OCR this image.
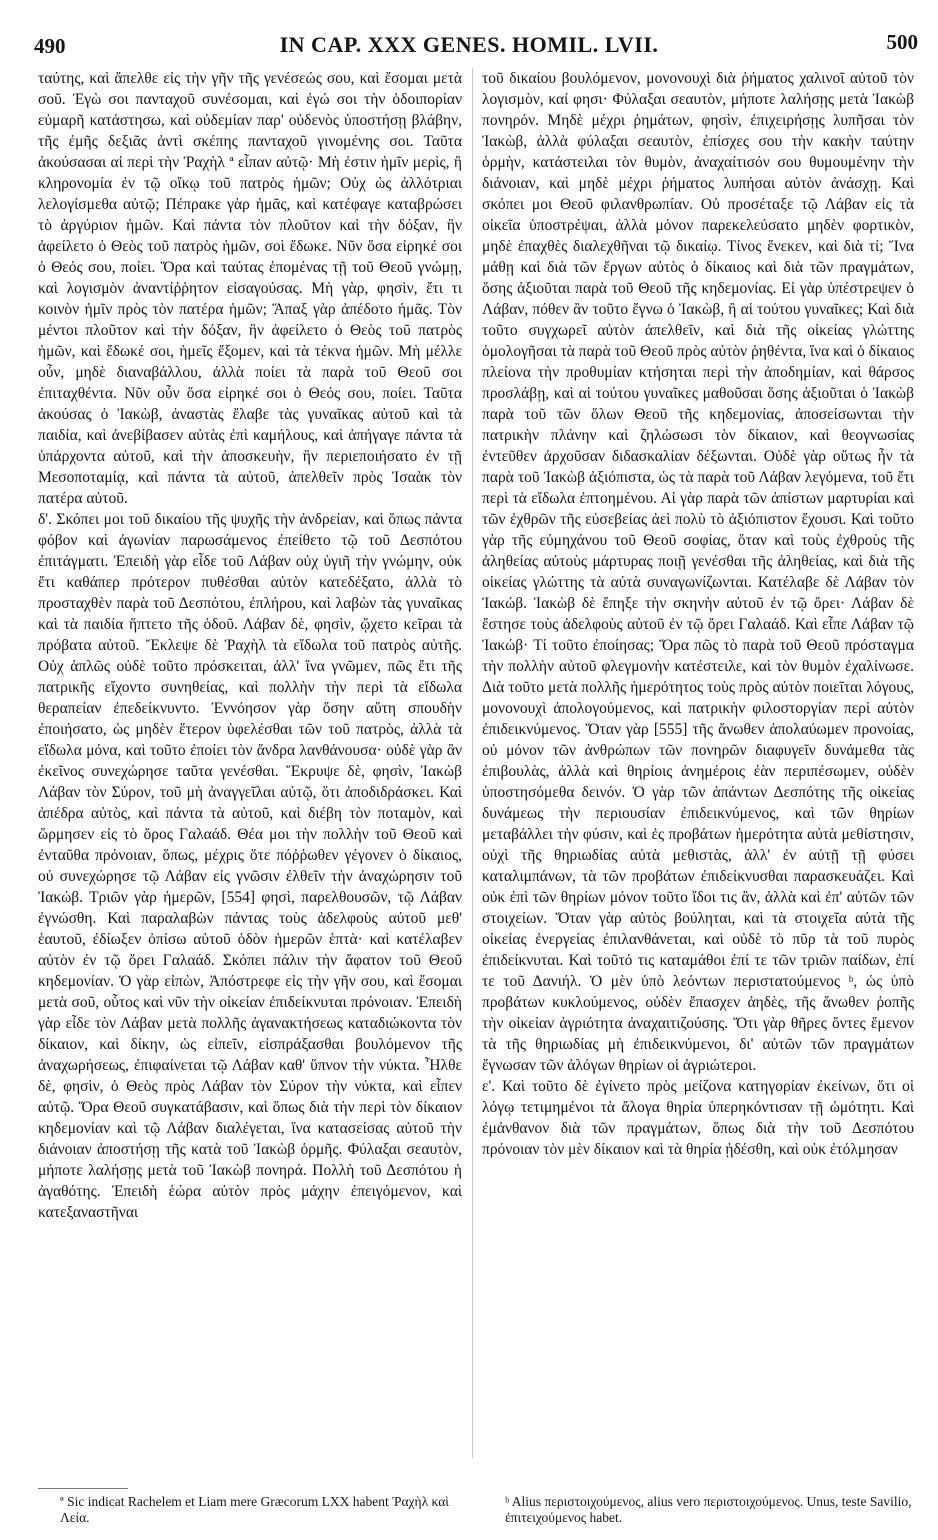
490	IN CAP. XXX GENES. HOMIL. LVII.	500

ταύτης, καὶ ἄπελθε εἰς τὴν γῆν τῆς γενέσεώς σου, καὶ ἔσομαι μετὰ σοῦ. Ἐγὼ σοι πανταχοῦ συνέσομαι, καὶ ἐγώ σοι τὴν ὁδοιπορίαν εὐμαρῆ κατάστησω, καὶ οὐδεμίαν παρ' οὐδενὸς ὑποστήσῃ βλάβην, τῆς ἐμῆς δεξιᾶς ἀντὶ σκέπης πανταχοῦ γινομένης σοι. Ταῦτα ἀκούσασαι αἱ περὶ τὴν Ῥαχὴλ ª εἶπαν αὐτῷ· Μὴ ἐστιν ἡμῖν μερὶς, ἢ κληρονομία ἐν τῷ οἴκῳ τοῦ πατρὸς ἡμῶν; Οὐχ ὡς ἀλλότριαι λελογίσμεθα αὐτῷ; Πέπρακε γὰρ ἡμᾶς, καὶ κατέφαγε καταβρώσει τὸ ἀργύριον ἡμῶν. Καὶ πάντα τὸν πλοῦτον καὶ τὴν δόξαν, ἣν ἀφείλετο ὁ Θεὸς τοῦ πατρὸς ἡμῶν, σοὶ ἔδωκε. Νῦν ὅσα εἰρηκέ σοι ὁ Θεός σου, ποίει. Ὅρα καὶ ταύτας ἑπομένας τῇ τοῦ Θεοῦ γνώμῃ, καὶ λογισμὸν ἀναντίῤῥητον εἰσαγούσας. Μὴ γὰρ, φησὶν, ἔτι τι κοινὸν ἡμῖν πρὸς τὸν πατέρα ἡμῶν; Ἅπαξ γὰρ ἀπέδοτο ἡμᾶς. Τὸν μέντοι πλοῦτον καὶ τὴν δόξαν, ἣν ἀφείλετο ὁ Θεὸς τοῦ πατρὸς ἡμῶν, καὶ ἔδωκέ σοι, ἡμεῖς ἔξομεν, καὶ τὰ τέκνα ἡμῶν. Μὴ μέλλε οὖν, μηδὲ διαναβάλλου, ἀλλὰ ποίει τὰ παρὰ τοῦ Θεοῦ σοι ἐπιταχθέντα. Νῦν οὖν ὅσα εἰρηκέ σοι ὁ Θεός σου, ποίει. Ταῦτα ἀκούσας ὁ Ἰακὼβ, ἀναστὰς ἔλαβε τὰς γυναῖκας αὐτοῦ καὶ τὰ παιδία, καὶ ἀνεβίβασεν αὐτὰς ἐπὶ καμήλους, καὶ ἀπήγαγε πάντα τὰ ὑπάρχοντα αὐτοῦ, καὶ τὴν ἀποσκευὴν, ἣν περιεποιήσατο ἐν τῇ Μεσοποταμίᾳ, καὶ πάντα τὰ αὐτοῦ, ἀπελθεῖν πρὸς Ἰσαὰκ τὸν πατέρα αὐτοῦ.

δ'. Σκόπει μοι τοῦ δικαίου τῆς ψυχῆς τὴν ἀνδρείαν, καὶ ὅπως πάντα φόβον καὶ ἀγωνίαν παρωσάμενος ἐπείθετο τῷ τοῦ Δεσπότου ἐπιτάγματι. Ἐπειδὴ γὰρ εἶδε τοῦ Λάβαν οὐχ ὑγιῆ τὴν γνώμην, οὐκ ἔτι καθάπερ πρότερον πυθέσθαι αὐτὸν κατεδέξατο, ἀλλὰ τὸ προσταχθὲν παρὰ τοῦ Δεσπότου, ἐπλήρου, καὶ λαβὼν τὰς γυναῖκας καὶ τὰ παιδία ἥπτετο τῆς ὁδοῦ. Λάβαν δὲ, φησὶν, ᾤχετο κεῖραι τὰ πρόβατα αὐτοῦ. Ἔκλεψε δὲ Ῥαχὴλ τὰ εἴδωλα τοῦ πατρὸς αὐτῆς. Οὐχ ἁπλῶς οὐδὲ τοῦτο πρόσκειται, ἀλλ' ἵνα γνῶμεν, πῶς ἔτι τῆς πατρικῆς εἴχοντο συνηθείας, καὶ πολλὴν τὴν περὶ τὰ εἴδωλα θεραπείαν ἐπεδείκνυντο. Ἐννόησον γὰρ ὅσην αὕτη σπουδὴν ἐποιήσατο, ὡς μηδὲν ἕτερον ὑφελέσθαι τῶν τοῦ πατρὸς, ἀλλὰ τὰ εἴδωλα μόνα, καὶ τοῦτο ἐποίει τὸν ἄνδρα λανθάνουσα· οὐδὲ γὰρ ἂν ἐκεῖνος συνεχώρησε ταῦτα γενέσθαι. Ἔκρυψε δὲ, φησὶν, Ἰακὼβ Λάβαν τὸν Σύρον, τοῦ μὴ ἀναγγεῖλαι αὐτῷ, ὅτι ἀποδιδράσκει. Καὶ ἀπέδρα αὐτὸς, καὶ πάντα τὰ αὐτοῦ, καὶ διέβη τὸν ποταμὸν, καὶ ὥρμησεν εἰς τὸ ὄρος Γαλαάδ. Θέα μοι τὴν πολλὴν τοῦ Θεοῦ καὶ ἐνταῦθα πρόνοιαν, ὅπως, μέχρις ὅτε πόῤῥωθεν γέγονεν ὁ δίκαιος, οὐ συνεχώρησε τῷ Λάβαν εἰς γνῶσιν ἐλθεῖν τὴν ἀναχώρησιν τοῦ Ἰακώβ. Τριῶν γὰρ ἡμερῶν, [554] φησὶ, παρελθουσῶν, τῷ Λάβαν ἐγνώσθη. Καὶ παραλαβὼν πάντας τοὺς ἀδελφοὺς αὐτοῦ μεθ' ἑαυτοῦ, ἐδίωξεν ὀπίσω αὐτοῦ ὁδὸν ἡμερῶν ἑπτὰ· καὶ κατέλαβεν αὐτὸν ἐν τῷ ὄρει Γαλαάδ. Σκόπει πάλιν τὴν ἄφατον τοῦ Θεοῦ κηδεμονίαν. Ὁ γὰρ εἰπὼν, Ἀπόστρεφε εἰς τὴν γῆν σου, καὶ ἔσομαι μετὰ σοῦ, οὗτος καὶ νῦν τὴν οἰκείαν ἐπιδείκνυται πρόνοιαν. Ἐπειδὴ γὰρ εἶδε τὸν Λάβαν μετὰ πολλῆς ἀγανακτήσεως καταδιώκοντα τὸν δίκαιον, καὶ δίκην, ὡς εἰπεῖν, εἰσπράξασθαι βουλόμενον τῆς ἀναχωρήσεως, ἐπιφαίνεται τῷ Λάβαν καθ' ὕπνον τὴν νύκτα. Ἦλθε δὲ, φησὶν, ὁ Θεὸς πρὸς Λάβαν τὸν Σύρον τὴν νύκτα, καὶ εἶπεν αὐτῷ. Ὅρα Θεοῦ συγκατάβασιν, καὶ ὅπως διὰ τὴν περὶ τὸν δίκαιον κηδεμονίαν καὶ τῷ Λάβαν διαλέγεται, ἵνα κατασείσας αὐτοῦ τὴν διάνοιαν ἀποστήσῃ τῆς κατὰ τοῦ Ἰακὼβ ὁρμῆς. Φύλαξαι σεαυτὸν, μήποτε λαλήσῃς μετὰ τοῦ Ἰακὼβ πονηρά. Πολλὴ τοῦ Δεσπότου ἡ ἀγαθότης. Ἐπειδὴ ἑώρα αὐτὸν πρὸς μάχην ἐπειγόμενον, καὶ κατεξαναστῆναι

τοῦ δικαίου βουλόμενον, μονονουχὶ διὰ ῥήματος χαλινοῖ αὐτοῦ τὸν λογισμὸν, καί φησι· Φύλαξαι σεαυτὸν, μήποτε λαλήσῃς μετὰ Ἰακὼβ πονηρόν. Μηδὲ μέχρι ῥημάτων, φησὶν, ἐπιχειρήσῃς λυπῆσαι τὸν Ἰακὼβ, ἀλλὰ φύλαξαι σεαυτὸν, ἐπίσχες σου τὴν κακὴν ταύτην ὁρμὴν, κατάστειλαι τὸν θυμὸν, ἀναχαίτισόν σου θυμουμένην τὴν διάνοιαν, καὶ μηδὲ μέχρι ῥήματος λυπήσαι αὐτὸν ἀνάσχῃ. Καὶ σκόπει μοι Θεοῦ φιλανθρωπίαν. Οὐ προσέταξε τῷ Λάβαν εἰς τὰ οἰκεῖα ὑποστρέψαι, ἀλλὰ μόνον παρεκελεύσατο μηδὲν φορτικὸν, μηδὲ ἐπαχθὲς διαλεχθῆναι τῷ δικαίῳ. Τίνος ἕνεκεν, καὶ διὰ τί; Ἵνα μάθῃ καὶ διὰ τῶν ἔργων αὐτὸς ὁ δίκαιος καὶ διὰ τῶν πραγμάτων, ὅσης ἀξιοῦται παρὰ τοῦ Θεοῦ τῆς κηδεμονίας. Εἰ γὰρ ὑπέστρεψεν ὁ Λάβαν, πόθεν ἂν τοῦτο ἔγνω ὁ Ἰακὼβ, ἢ αἱ τούτου γυναῖκες; Καὶ διὰ τοῦτο συγχωρεῖ αὐτὸν ἀπελθεῖν, καὶ διὰ τῆς οἰκείας γλώττης ὁμολογῆσαι τὰ παρὰ τοῦ Θεοῦ πρὸς αὐτὸν ῥηθέντα, ἵνα καὶ ὁ δίκαιος πλείονα τὴν προθυμίαν κτήσηται περὶ τὴν ἀποδημίαν, καὶ θάρσος προσλάβῃ, καὶ αἱ τούτου γυναῖκες μαθοῦσαι ὅσης ἀξιοῦται ὁ Ἰακὼβ παρὰ τοῦ τῶν ὅλων Θεοῦ τῆς κηδεμονίας, ἀποσείσωνται τὴν πατρικὴν πλάνην καὶ ζηλώσωσι τὸν δίκαιον, καὶ θεογνωσίας ἐντεῦθεν ἀρχοῦσαν διδασκαλίαν δέξωνται. Οὐδὲ γὰρ οὕτως ἦν τὰ παρὰ τοῦ Ἰακὼβ ἀξιόπιστα, ὡς τὰ παρὰ τοῦ Λάβαν λεγόμενα, τοῦ ἔτι περὶ τὰ εἴδωλα ἐπτοημένου. Αἱ γὰρ παρὰ τῶν ἀπίστων μαρτυρίαι καὶ τῶν ἐχθρῶν τῆς εὐσεβείας ἀεὶ πολὺ τὸ ἀξιόπιστον ἔχουσι. Καὶ τοῦτο γὰρ τῆς εὐμηχάνου τοῦ Θεοῦ σοφίας, ὅταν καὶ τοὺς ἐχθροὺς τῆς ἀληθείας αὐτοὺς μάρτυρας ποιῇ γενέσθαι τῆς ἀληθείας, καὶ διὰ τῆς οἰκείας γλώττης τὰ αὐτὰ συναγωνίζωνται. Κατέλαβε δὲ Λάβαν τὸν Ἰακώβ. Ἰακὼβ δὲ ἔπηξε τὴν σκηνὴν αὐτοῦ ἐν τῷ ὄρει· Λάβαν δὲ ἔστησε τοὺς ἀδελφοὺς αὐτοῦ ἐν τῷ ὄρει Γαλαάδ. Καὶ εἶπε Λάβαν τῷ Ἰακώβ· Τί τοῦτο ἐποίησας; Ὅρα πῶς τὸ παρὰ τοῦ Θεοῦ πρόσταγμα τὴν πολλὴν αὐτοῦ φλεγμονὴν κατέστειλε, καὶ τὸν θυμὸν ἐχαλίνωσε. Διὰ τοῦτο μετὰ πολλῆς ἡμερότητος τοὺς πρὸς αὐτὸν ποιεῖται λόγους, μονονουχὶ ἀπολογούμενος, καὶ πατρικὴν φιλοστοργίαν περὶ αὐτὸν ἐπιδεικνύμενος. Ὅταν γὰρ [555] τῆς ἄνωθεν ἀπολαύωμεν προνοίας, οὐ μόνον τῶν ἀνθρώπων τῶν πονηρῶν διαφυγεῖν δυνάμεθα τὰς ἐπιβουλὰς, ἀλλὰ καὶ θηρίοις ἀνημέροις ἐὰν περιπέσωμεν, οὐδὲν ὑποστησόμεθα δεινόν. Ὁ γὰρ τῶν ἁπάντων Δεσπότης τῆς οἰκείας δυνάμεως τὴν περιουσίαν ἐπιδεικνύμενος, καὶ τῶν θηρίων μεταβάλλει τὴν φύσιν, καὶ ἐς προβάτων ἡμερότητα αὐτὰ μεθίστησιν, οὐχὶ τῆς θηριωδίας αὐτὰ μεθιστὰς, ἀλλ' ἐν αὐτῇ τῇ φύσει καταλιμπάνων, τὰ τῶν προβάτων ἐπιδείκνυσθαι παρασκευάζει. Καὶ οὐκ ἐπὶ τῶν θηρίων μόνον τοῦτο ἴδοι τις ἂν, ἀλλὰ καὶ ἐπ' αὐτῶν τῶν στοιχείων. Ὅταν γὰρ αὐτὸς βούληται, καὶ τὰ στοιχεῖα αὐτὰ τῆς οἰκείας ἐνεργείας ἐπιλανθάνεται, καὶ οὐδὲ τὸ πῦρ τὰ τοῦ πυρὸς ἐπιδείκνυται. Καὶ τοῦτό τις καταμάθοι ἐπί τε τῶν τριῶν παίδων, ἐπί τε τοῦ Δανιήλ. Ὁ μὲν ὑπὸ λεόντων περιστατούμενος ᵇ, ὡς ὑπὸ προβάτων κυκλούμενος, οὐδὲν ἔπασχεν ἀηδὲς, τῆς ἄνωθεν ῥοπῆς τὴν οἰκείαν ἀγριότητα ἀναχαιτιζούσης. Ὅτι γὰρ θῆρες ὄντες ἔμενον τὰ τῆς θηριωδίας μὴ ἐπιδεικνύμενοι, δι' αὐτῶν τῶν πραγμάτων ἔγνωσαν τῶν ἀλόγων θηρίων οἱ ἀγριώτεροι.

ε'. Καὶ τοῦτο δὲ ἐγίνετο πρὸς μείζονα κατηγορίαν ἐκείνων, ὅτι οἱ λόγῳ τετιμημένοι τὰ ἄλογα θηρία ὑπερηκόντισαν τῇ ὠμότητι. Καὶ ἐμάνθανον διὰ τῶν πραγμάτων, ὅπως διὰ τὴν τοῦ Δεσπότου πρόνοιαν τὸν μὲν δίκαιον καὶ τὰ θηρία ᾐδέσθη, καὶ οὐκ ἐτόλμησαν

ª Sic indicat Rachelem et Liam mere Græcorum LXX habent Ῥαχὴλ καὶ Λεία.
ᵇ Alius περιστοιχούμενος, alius vero περιστοιχούμενος. Unus, teste Savilio, ἐπιτειχούμενος habet.
